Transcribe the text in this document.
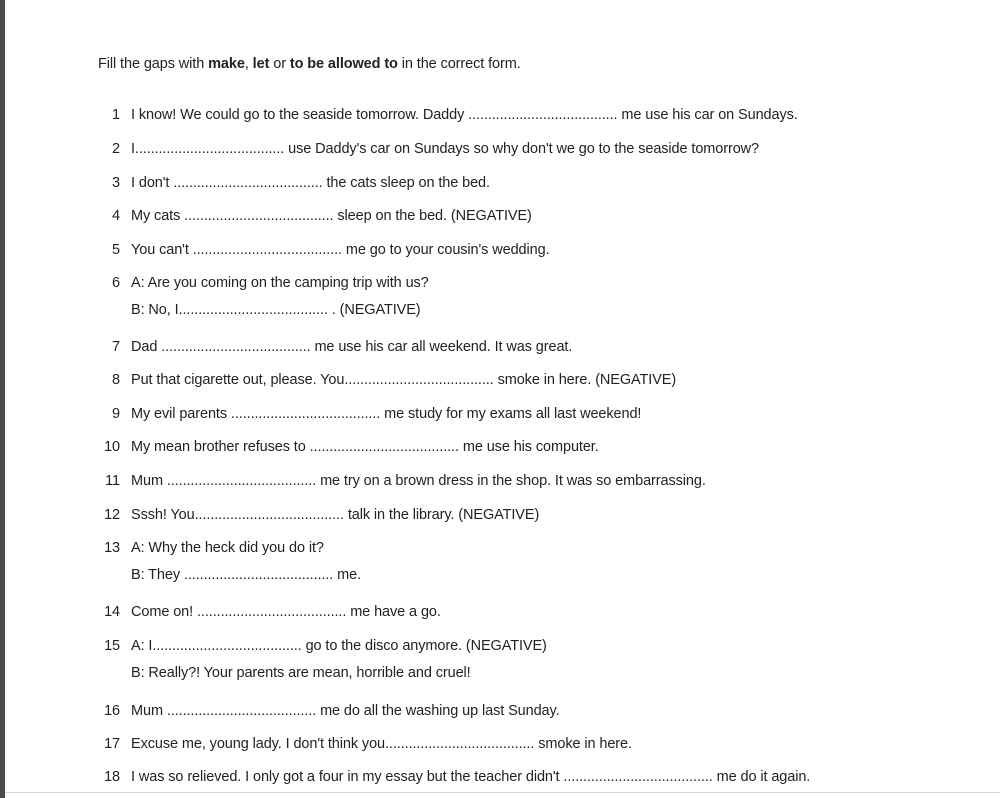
Fill the gaps with make, let or to be allowed to in the correct form.
1 I know! We could go to the seaside tomorrow. Daddy ...................................... me use his car on Sundays.
2 I...................................... use Daddy's car on Sundays so why don't we go to the seaside tomorrow?
3 I don't ...................................... the cats sleep on the bed.
4 My cats ...................................... sleep on the bed. (NEGATIVE)
5 You can't ...................................... me go to your cousin's wedding.
6 A: Are you coming on the camping trip with us?
B: No, I...................................... . (NEGATIVE)
7 Dad ...................................... me use his car all weekend. It was great.
8 Put that cigarette out, please. You...................................... smoke in here. (NEGATIVE)
9 My evil parents ...................................... me study for my exams all last weekend!
10 My mean brother refuses to ...................................... me use his computer.
11 Mum ...................................... me try on a brown dress in the shop. It was so embarrassing.
12 Sssh! You...................................... talk in the library. (NEGATIVE)
13 A: Why the heck did you do it?
B: They ...................................... me.
14 Come on! ...................................... me have a go.
15 A: I...................................... go to the disco anymore. (NEGATIVE)
B: Really?! Your parents are mean, horrible and cruel!
16 Mum ...................................... me do all the washing up last Sunday.
17 Excuse me, young lady. I don't think you...................................... smoke in here.
18 I was so relieved. I only got a four in my essay but the teacher didn't ...................................... me do it again.
